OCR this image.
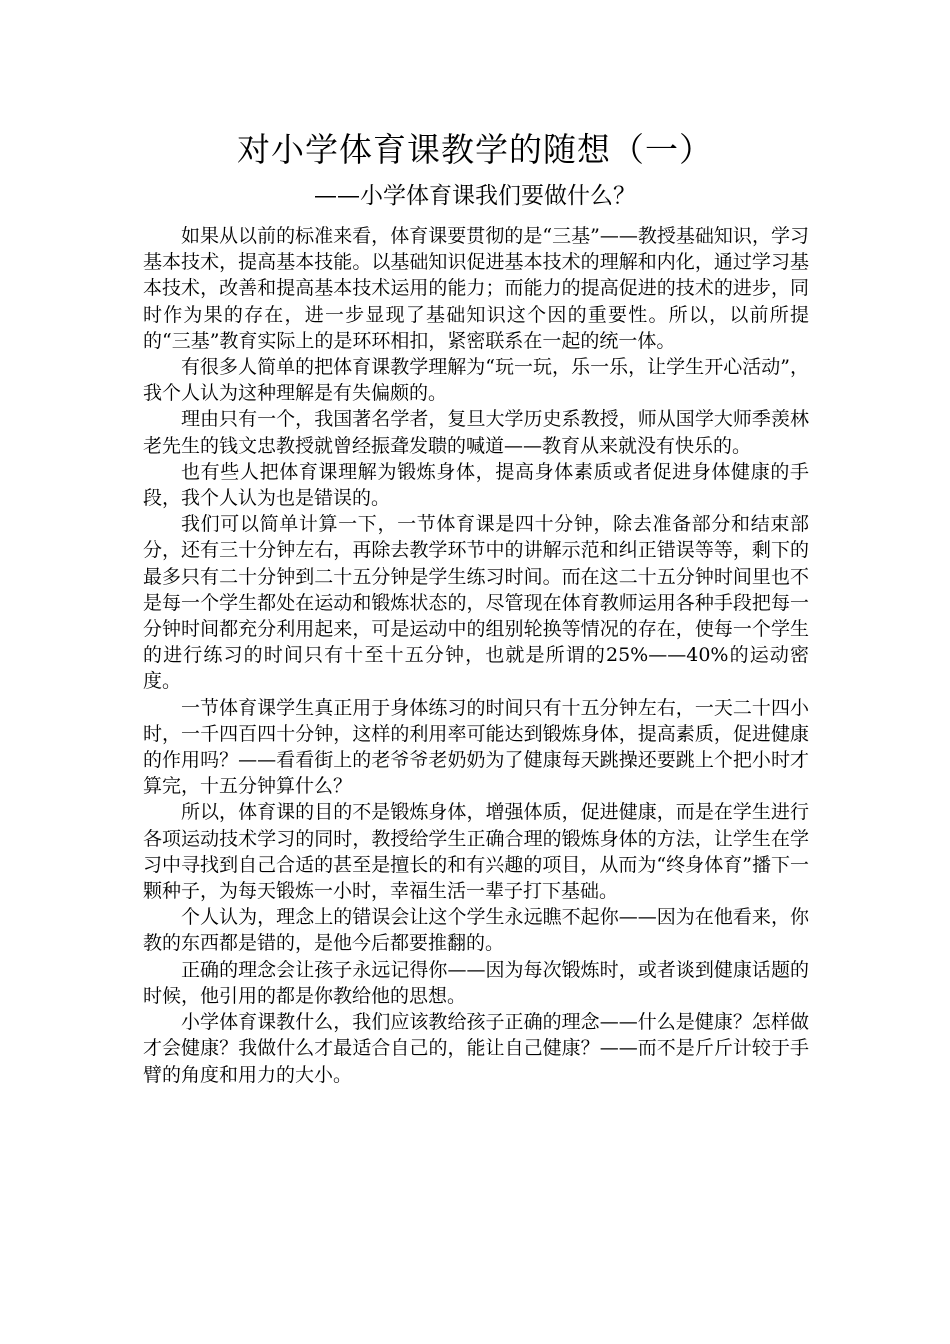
对小学体育课教学的随想（一）
——小学体育课我们要做什么？

如果从以前的标准来看，体育课要贯彻的是“三基”——教授基础知识，学习基本技术，提高基本技能。以基础知识促进基本技术的理解和内化，通过学习基本技术，改善和提高基本技术运用的能力；而能力的提高促进的技术的进步，同时作为果的存在，进一步显现了基础知识这个因的重要性。所以，以前所提的“三基”教育实际上的是环环相扣，紧密联系在一起的统一体。

有很多人简单的把体育课教学理解为“玩一玩，乐一乐，让学生开心活动”，我个人认为这种理解是有失偏颇的。

理由只有一个，我国著名学者，复旦大学历史系教授，师从国学大师季羡林老先生的钱文忠教授就曾经振聋发聩的喊道——教育从来就没有快乐的。

也有些人把体育课理解为锻炼身体，提高身体素质或者促进身体健康的手段，我个人认为也是错误的。

我们可以简单计算一下，一节体育课是四十分钟，除去准备部分和结束部分，还有三十分钟左右，再除去教学环节中的讲解示范和纠正错误等等，剩下的最多只有二十分钟到二十五分钟是学生练习时间。而在这二十五分钟时间里也不是每一个学生都处在运动和锻炼状态的，尽管现在体育教师运用各种手段把每一分钟时间都充分利用起来，可是运动中的组别轮换等情况的存在，使每一个学生的进行练习的时间只有十至十五分钟，也就是所谓的25%——40%的运动密度。

一节体育课学生真正用于身体练习的时间只有十五分钟左右，一天二十四小时，一千四百四十分钟，这样的利用率可能达到锻炼身体，提高素质，促进健康的作用吗？——看看街上的老爷爷老奶奶为了健康每天跳操还要跳上个把小时才算完，十五分钟算什么？

所以，体育课的目的不是锻炼身体，增强体质，促进健康，而是在学生进行各项运动技术学习的同时，教授给学生正确合理的锻炼身体的方法，让学生在学习中寻找到自己合适的甚至是擅长的和有兴趣的项目，从而为“终身体育”播下一颗种子，为每天锻炼一小时，幸福生活一辈子打下基础。

个人认为，理念上的错误会让这个学生永远瞧不起你——因为在他看来，你教的东西都是错的，是他今后都要推翻的。

正确的理念会让孩子永远记得你——因为每次锻炼时，或者谈到健康话题的时候，他引用的都是你教给他的思想。

小学体育课教什么，我们应该教给孩子正确的理念——什么是健康？怎样做才会健康？我做什么才最适合自己的，能让自己健康？——而不是斤斤计较于手臂的角度和用力的大小。
